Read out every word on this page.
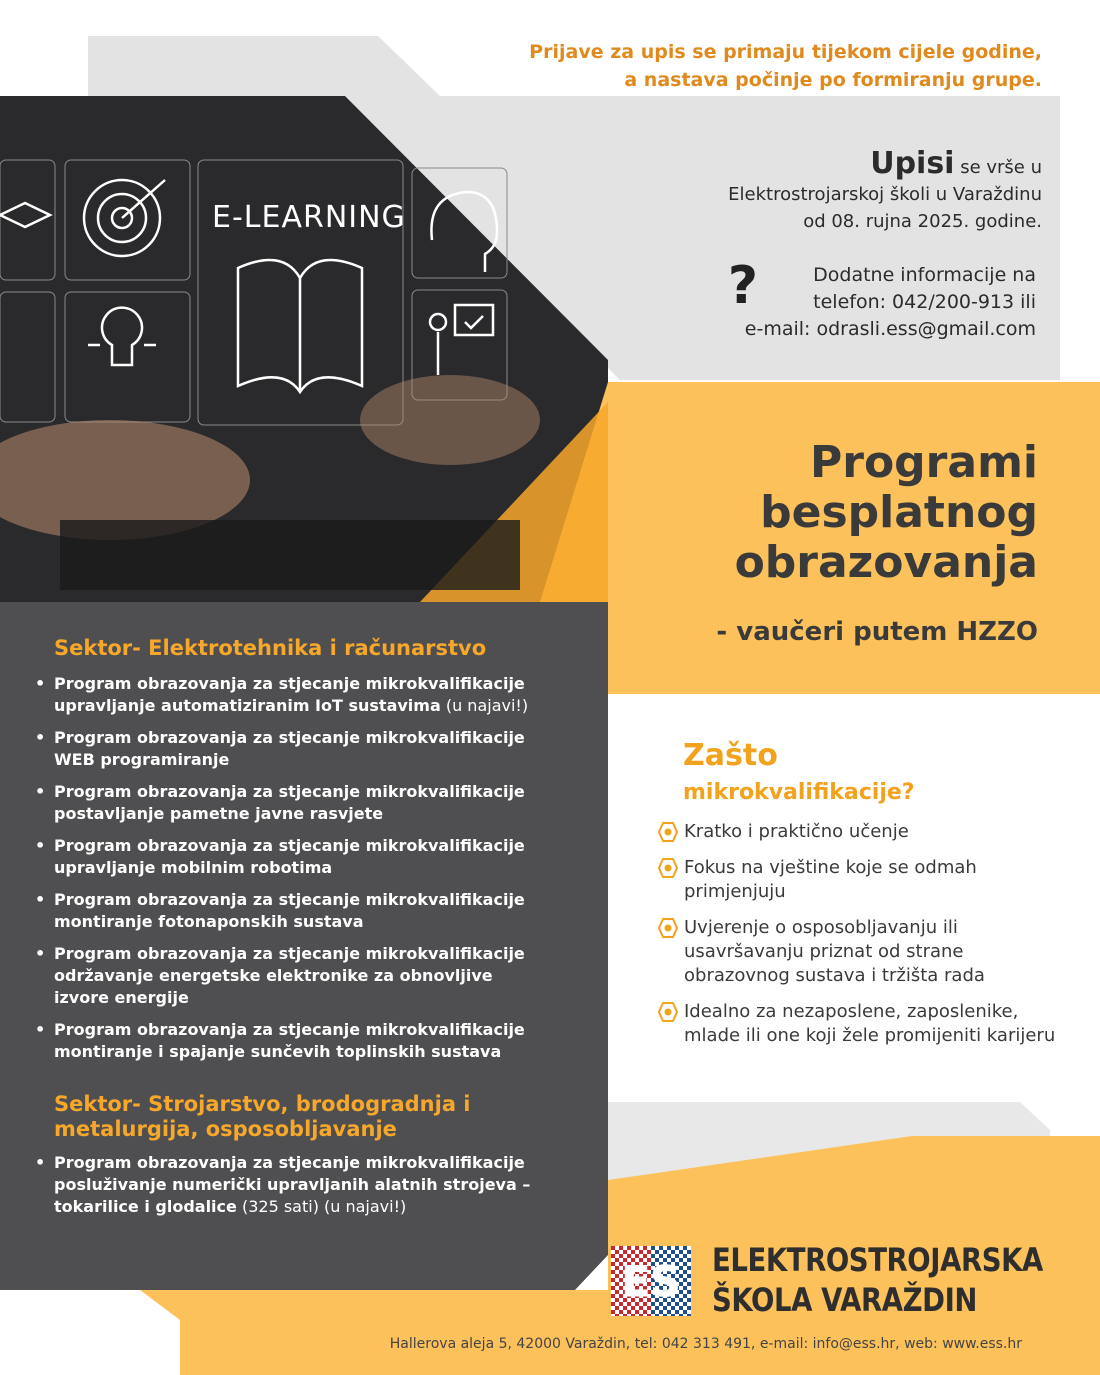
E-LEARNING
Prijave za upis se primaju tijekom cijele godine,
a nastava počinje po formiranju grupe.
Upisi se vrše u
Elektrostrojarskoj školi u Varaždinu
od 08. rujna 2025. godine.
?	Dodatne informacije na
telefon: 042/200-913 ili
e-mail: odrasli.ess@gmail.com
Programi
besplatnog
obrazovanja
- vaučeri putem HZZO
Zašto
mikrokvalifikacije?
Kratko i praktično učenje
Fokus na vještine koje se odmah primjenjuju
Uvjerenje o osposobljavanju ili usavršavanju priznat od strane obrazovnog sustava i tržišta rada
Idealno za nezaposlene, zaposlenike, mlade ili one koji žele promijeniti karijeru
Sektor- Elektrotehnika i računarstvo
• Program obrazovanja za stjecanje mikrokvalifikacije upravljanje automatiziranim IoT sustavima (u najavi!)
• Program obrazovanja za stjecanje mikrokvalifikacije WEB programiranje
• Program obrazovanja za stjecanje mikrokvalifikacije postavljanje pametne javne rasvjete
• Program obrazovanja za stjecanje mikrokvalifikacije upravljanje mobilnim robotima
• Program obrazovanja za stjecanje mikrokvalifikacije montiranje fotonaponskih sustava
• Program obrazovanja za stjecanje mikrokvalifikacije održavanje energetske elektronike za obnovljive izvore energije
• Program obrazovanja za stjecanje mikrokvalifikacije montiranje i spajanje sunčevih toplinskih sustava
Sektor- Strojarstvo, brodogradnja i
metalurgija, osposobljavanje
• Program obrazovanja za stjecanje mikrokvalifikacije posluživanje numerički upravljanih alatnih strojeva – tokarilice i glodalice (325 sati) (u najavi!)
ES ELEKTROSTROJARSKA
ŠKOLA VARAŽDIN
Hallerova aleja 5, 42000 Varaždin, tel: 042 313 491, e-mail: info@ess.hr, web: www.ess.hr
